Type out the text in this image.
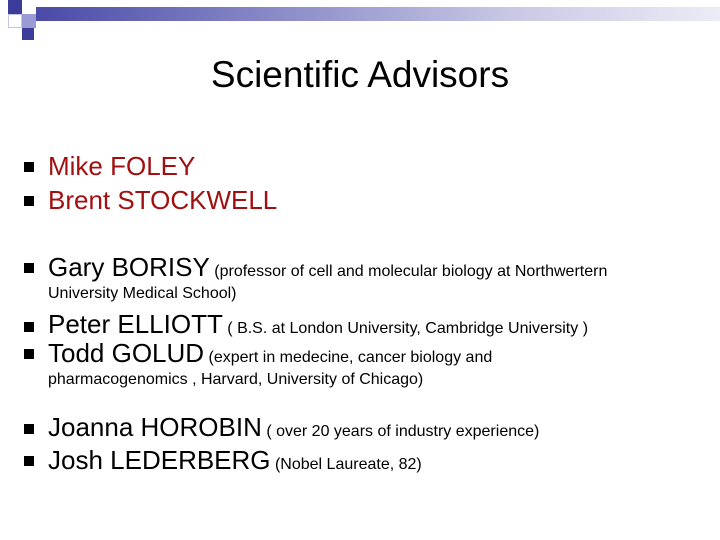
Scientific Advisors
Mike FOLEY
Brent STOCKWELL
Gary BORISY (professor of cell and molecular biology at Northwertern
University Medical School)
Peter ELLIOTT ( B.S. at London University, Cambridge University )
Todd GOLUD (expert in medecine, cancer biology and
pharmacogenomics , Harvard, University of Chicago)
Joanna HOROBIN ( over 20 years of industry experience)
Josh LEDERBERG (Nobel Laureate, 82)
